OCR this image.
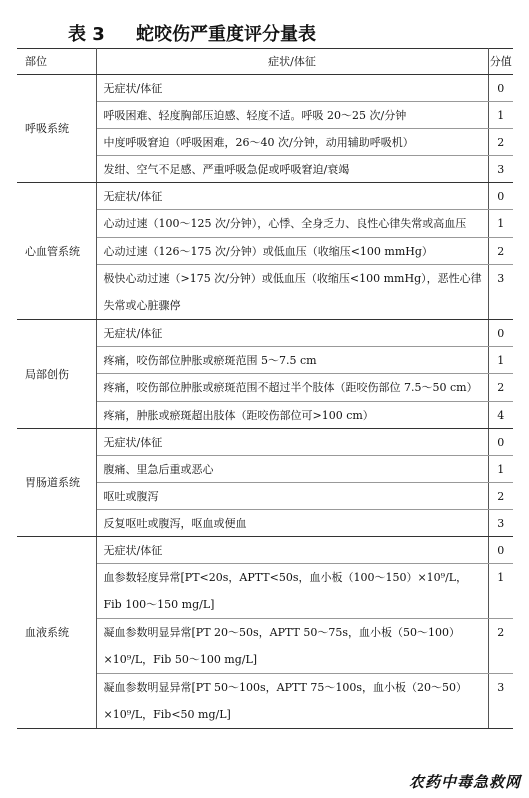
表 3 蛇咬伤严重度评分量表
部位	症状/体征	分值
呼吸系统	无症状/体征	0
	呼吸困难、轻度胸部压迫感、轻度不适。呼吸 20～25 次/分钟	1
	中度呼吸窘迫（呼吸困难，26～40 次/分钟，动用辅助呼吸机）	2
	发绀、空气不足感、严重呼吸急促或呼吸窘迫/衰竭	3
心血管系统	无症状/体征	0
	心动过速（100～125 次/分钟），心悸、全身乏力、良性心律失常或高血压	1
	心动过速（126～175 次/分钟）或低血压（收缩压<100 mmHg）	2
	极快心动过速（>175 次/分钟）或低血压（收缩压<100 mmHg），恶性心律失常或心脏骤停	3
局部创伤	无症状/体征	0
	疼痛，咬伤部位肿胀或瘀斑范围 5～7.5 cm	1
	疼痛，咬伤部位肿胀或瘀斑范围不超过半个肢体（距咬伤部位 7.5～50 cm）	2
	疼痛，肿胀或瘀斑超出肢体（距咬伤部位可>100 cm）	4
胃肠道系统	无症状/体征	0
	腹痛、里急后重或恶心	1
	呕吐或腹泻	2
	反复呕吐或腹泻，呕血或便血	3
血液系统	无症状/体征	0
	血参数轻度异常[PT<20s，APTT<50s，血小板（100～150）×10⁹/L，Fib 100～150 mg/L]	1
	凝血参数明显异常[PT 20～50s，APTT 50～75s，血小板（50～100）×10⁹/L，Fib 50～100 mg/L]	2
	凝血参数明显异常[PT 50～100s，APTT 75～100s，血小板（20～50）×10⁹/L，Fib<50 mg/L]	3
农药中毒急救网
